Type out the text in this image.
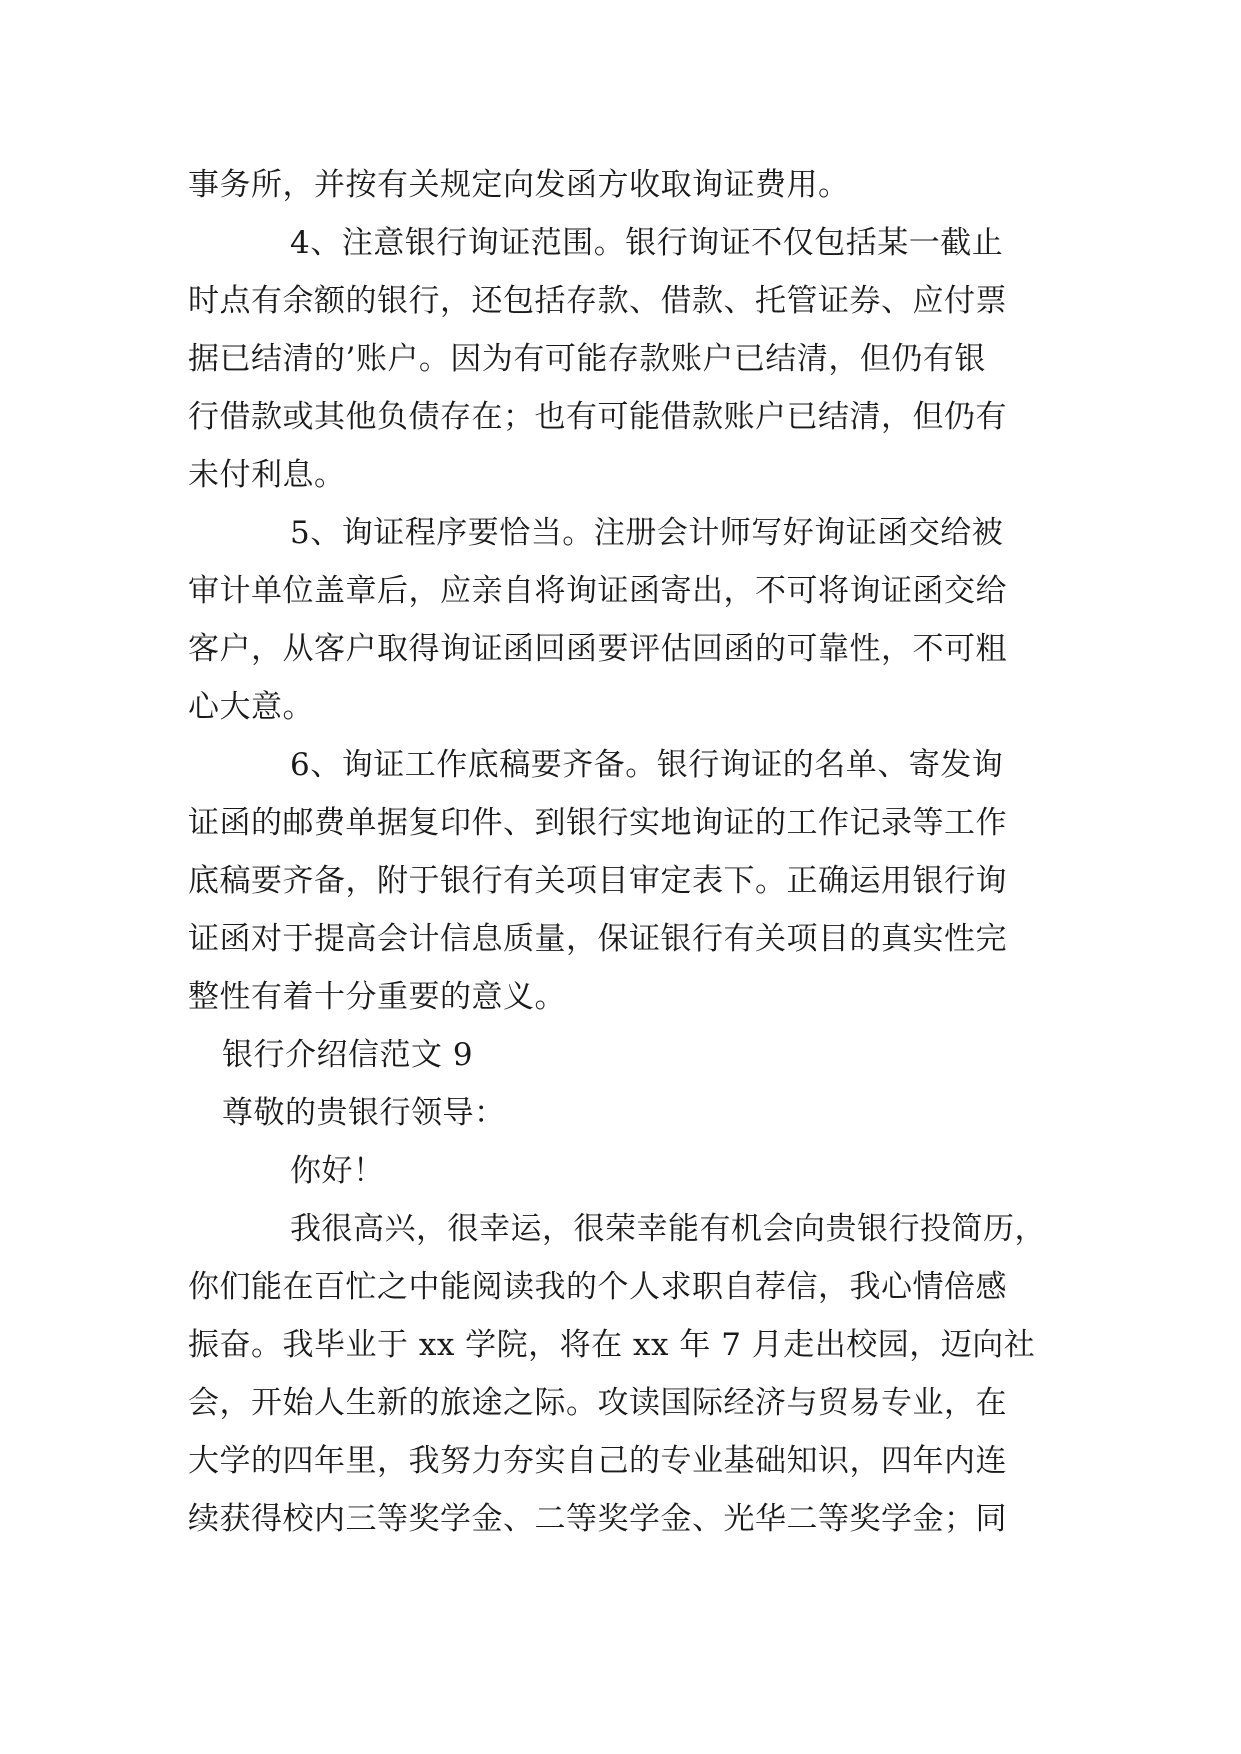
事务所，并按有关规定向发函方收取询证费用。
4、注意银行询证范围。银行询证不仅包括某一截止
时点有余额的银行，还包括存款、借款、托管证券、应付票
据已结清的’账户。因为有可能存款账户已结清，但仍有银
行借款或其他负债存在；也有可能借款账户已结清，但仍有
未付利息。
5、询证程序要恰当。注册会计师写好询证函交给被
审计单位盖章后，应亲自将询证函寄出，不可将询证函交给
客户，从客户取得询证函回函要评估回函的可靠性，不可粗
心大意。
6、询证工作底稿要齐备。银行询证的名单、寄发询
证函的邮费单据复印件、到银行实地询证的工作记录等工作
底稿要齐备，附于银行有关项目审定表下。正确运用银行询
证函对于提高会计信息质量，保证银行有关项目的真实性完
整性有着十分重要的意义。
银行介绍信范文 9
尊敬的贵银行领导：
你好！
我很高兴，很幸运，很荣幸能有机会向贵银行投简历，
你们能在百忙之中能阅读我的个人求职自荐信，我心情倍感
振奋。我毕业于 xx 学院，将在 xx 年 7 月走出校园，迈向社
会，开始人生新的旅途之际。攻读国际经济与贸易专业，在
大学的四年里，我努力夯实自己的专业基础知识，四年内连
续获得校内三等奖学金、二等奖学金、光华二等奖学金；同
